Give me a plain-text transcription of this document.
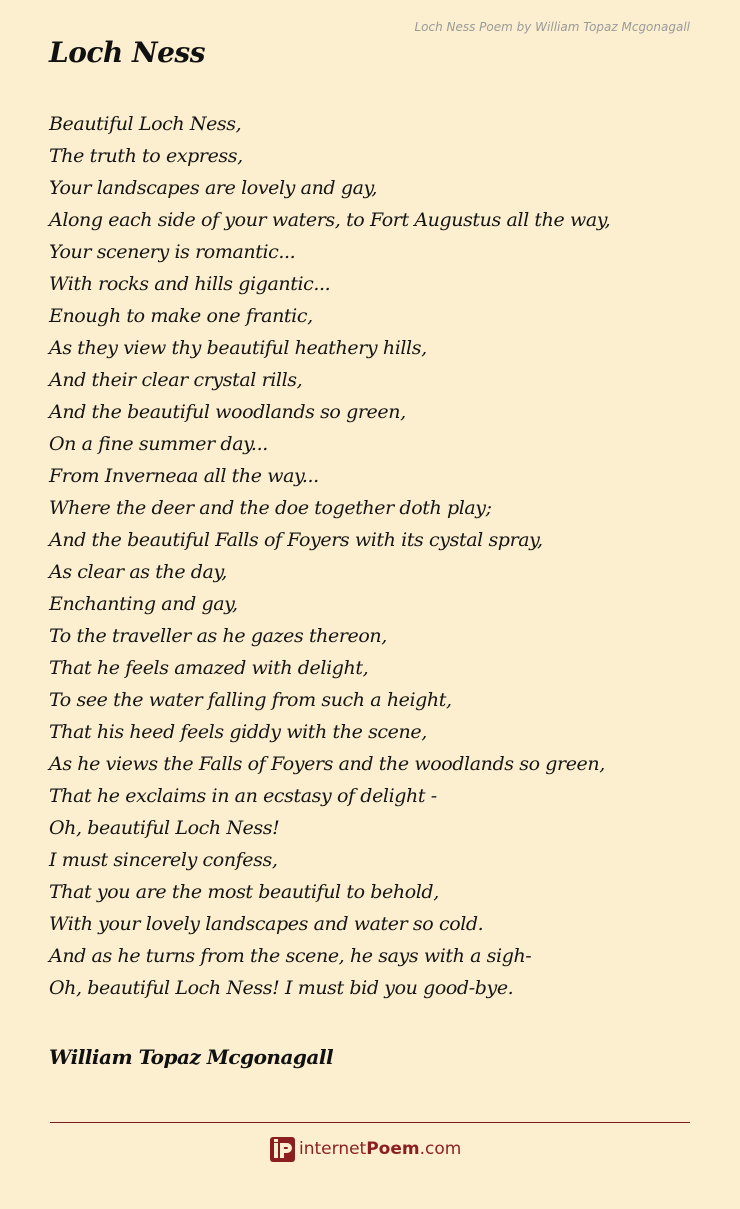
Loch Ness Poem by William Topaz Mcgonagall
Loch Ness
Beautiful Loch Ness,
The truth to express,
Your landscapes are lovely and gay,
Along each side of your waters, to Fort Augustus all the way,
Your scenery is romantic...
With rocks and hills gigantic...
Enough to make one frantic,
As they view thy beautiful heathery hills,
And their clear crystal rills,
And the beautiful woodlands so green,
On a fine summer day...
From Inverneaa all the way...
Where the deer and the doe together doth play;
And the beautiful Falls of Foyers with its cystal spray,
As clear as the day,
Enchanting and gay,
To the traveller as he gazes thereon,
That he feels amazed with delight,
To see the water falling from such a height,
That his heed feels giddy with the scene,
As he views the Falls of Foyers and the woodlands so green,
That he exclaims in an ecstasy of delight -
Oh, beautiful Loch Ness!
I must sincerely confess,
That you are the most beautiful to behold,
With your lovely landscapes and water so cold.
And as he turns from the scene, he says with a sigh-
Oh, beautiful Loch Ness! I must bid you good-bye.
William Topaz Mcgonagall
internetPoem.com
